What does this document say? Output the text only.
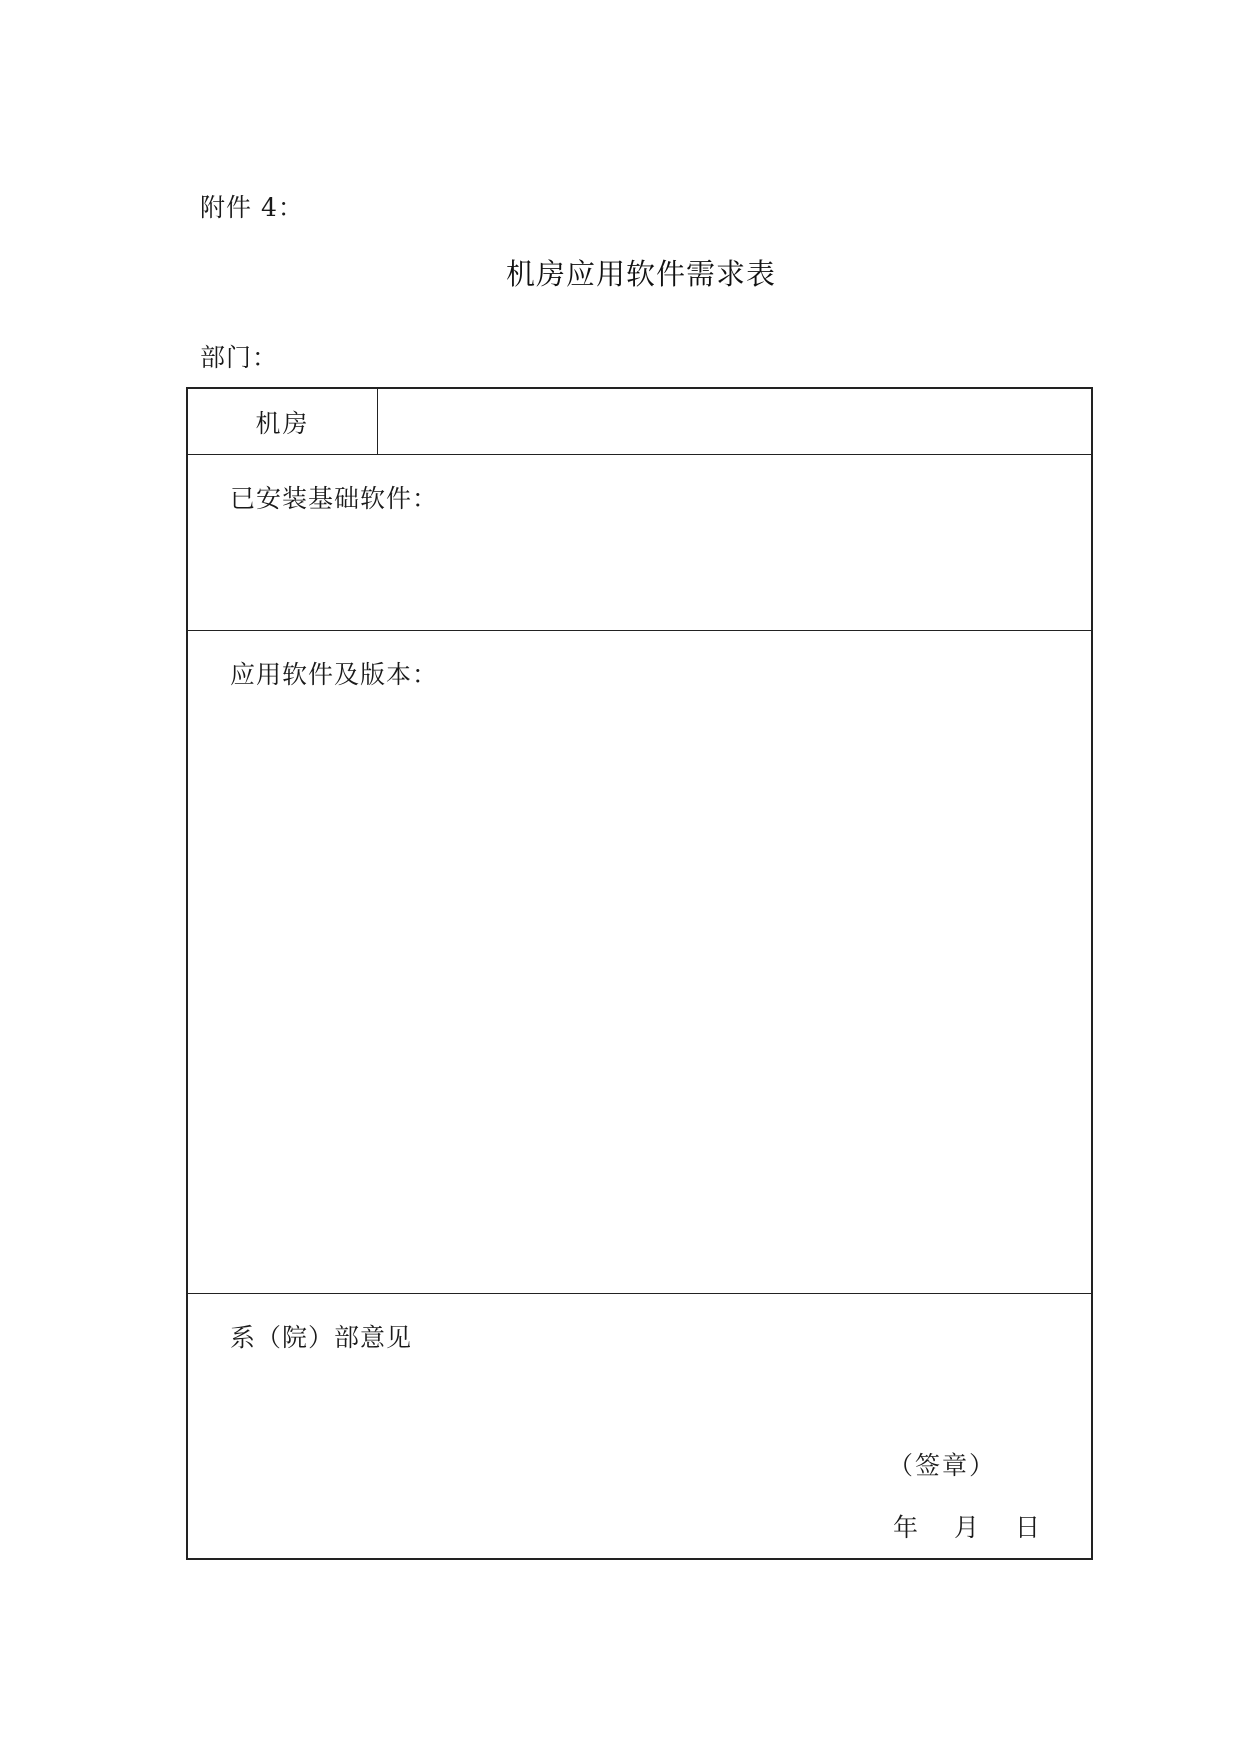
附件 4：
机房应用软件需求表
部门：
机房
已安装基础软件：
应用软件及版本：
系（院）部意见
（签章）
年 月 日
